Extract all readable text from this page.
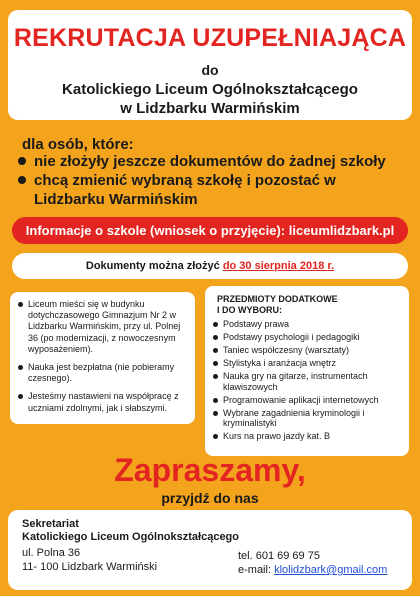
REKRUTACJA UZUPEŁNIAJĄCA
do
Katolickiego Liceum Ogólnokształcącego
w Lidzbarku Warmińskim
dla osób, które:
nie złożyły jeszcze dokumentów do żadnej szkoły
chcą zmienić wybraną szkołę i pozostać w Lidzbarku Warmińskim
Informacje o szkole (wniosek o przyjęcie): liceumlidzbark.pl
Dokumenty można złożyć do 30 sierpnia 2018 r.
Liceum mieści się w budynku dotychczasowego Gimnazjum Nr 2 w Lidzbarku Warmińskim, przy ul. Polnej 36 (po modernizacji, z nowoczesnym wyposażeniem).
Nauka jest bezpłatna (nie pobieramy czesnego).
Jesteśmy nastawieni na współpracę z uczniami zdolnymi, jak i słabszymi.
PRZEDMIOTY DODATKOWE
I DO WYBORU:
Podstawy prawa
Podstawy psychologii i pedagogiki
Taniec współczesny (warsztaty)
Stylistyka i aranżacja wnętrz
Nauka gry na gitarze, instrumentach klawiszowych
Programowanie aplikacji internetowych
Wybrane zagadnienia kryminologii i kryminalistyki
Kurs na prawo jazdy kat. B
Zapraszamy,
przyjdź do nas
Sekretariat
Katolickiego Liceum Ogólnokształcącego
ul. Polna 36
11- 100 Lidzbark Warmiński
tel. 601 69 69 75
e-mail: klolidzbark@gmail.com
